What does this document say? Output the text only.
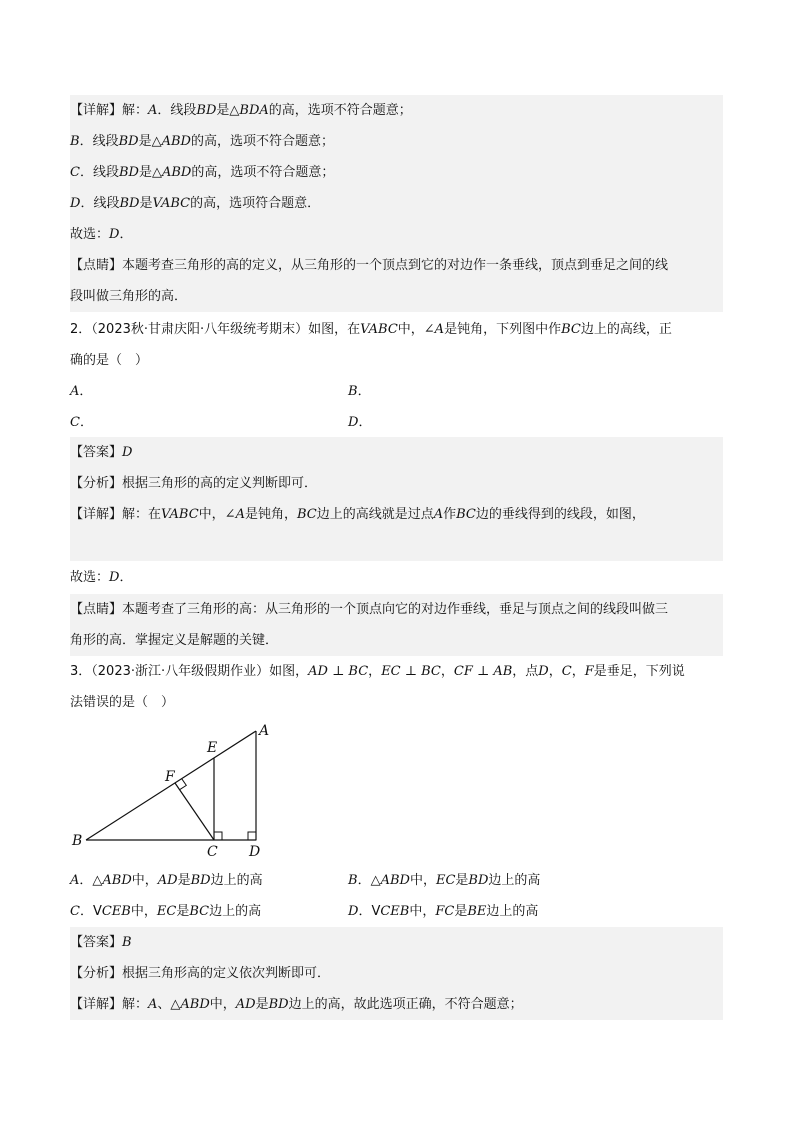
【详解】解：A．线段BD是△BDA的高，选项不符合题意；
B．线段BD是△ABD的高，选项不符合题意；
C．线段BD是△ABD的高，选项不符合题意；
D．线段BD是VABC的高，选项符合题意．
故选：D．
【点睛】本题考查三角形的高的定义，从三角形的一个顶点到它的对边作一条垂线，顶点到垂足之间的线
段叫做三角形的高．
2．（2023秋·甘肃庆阳·八年级统考期末）如图，在VABC中，∠A是钝角，下列图中作BC边上的高线，正
确的是（　）
A．	B．
C．	D．
【答案】D
【分析】根据三角形的高的定义判断即可．
【详解】解：在VABC中，∠A是钝角，BC边上的高线就是过点A作BC边的垂线得到的线段，如图，
故选：D．
【点睛】本题考查了三角形的高：从三角形的一个顶点向它的对边作垂线，垂足与顶点之间的线段叫做三
角形的高．掌握定义是解题的关键．
3．（2023·浙江·八年级假期作业）如图，AD ⊥ BC，EC ⊥ BC，CF ⊥ AB，点D，C，F是垂足，下列说
法错误的是（　）
A
E
F
B
C D
A．△ABD中，AD是BD边上的高	B．△ABD中，EC是BD边上的高
C．VCEB中，EC是BC边上的高	D．VCEB中，FC是BE边上的高
【答案】B
【分析】根据三角形高的定义依次判断即可．
【详解】解：A、△ABD中，AD是BD边上的高，故此选项正确，不符合题意；
